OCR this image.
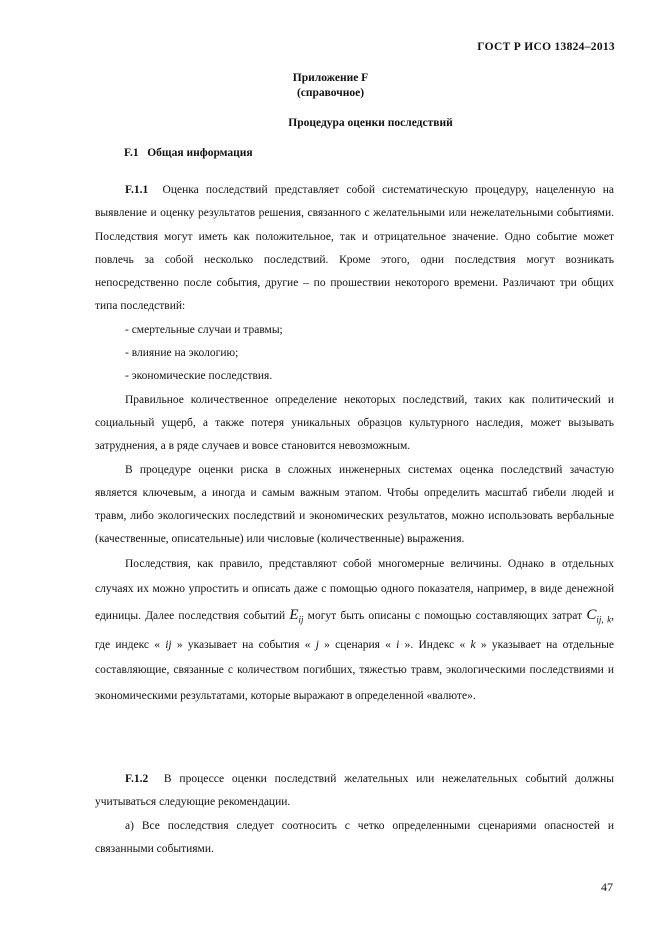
ГОСТ Р ИСО 13824–2013
Приложение F
(справочное)
Процедура оценки последствий
F.1 Общая информация

F.1.1 Оценка последствий представляет собой систематическую процедуру, нацеленную на выявление и оценку результатов решения, связанного с желательными или нежелательными событиями. Последствия могут иметь как положительное, так и отрицательное значение. Одно событие может повлечь за собой несколько последствий. Кроме этого, одни последствия могут возникать непосредственно после события, другие – по прошествии некоторого времени. Различают три общих типа последствий:

- смертельные случаи и травмы;

- влияние на экологию;

- экономические последствия.

Правильное количественное определение некоторых последствий, таких как политический и социальный ущерб, а также потеря уникальных образцов культурного наследия, может вызывать затруднения, а в ряде случаев и вовсе становится невозможным.

В процедуре оценки риска в сложных инженерных системах оценка последствий зачастую является ключевым, а иногда и самым важным этапом. Чтобы определить масштаб гибели людей и травм, либо экологических последствий и экономических результатов, можно использовать вербальные (качественные, описательные) или числовые (количественные) выражения.

Последствия, как правило, представляют собой многомерные величины. Однако в отдельных случаях их можно упростить и описать даже с помощью одного показателя, например, в виде денежной единицы. Далее последствия событий $E_{ij}$ могут быть описаны с помощью составляющих затрат $C_{ij, k}$, где индекс « ij » указывает на события « j » сценария « i ». Индекс « k » указывает на отдельные составляющие, связанные с количеством погибших, тяжестью травм, экологическими последствиями и экономическими результатами, которые выражают в определенной «валюте».

F.1.2 В процессе оценки последствий желательных или нежелательных событий должны учитываться следующие рекомендации.

а) Все последствия следует соотносить с четко определенными сценариями опасностей и связанными событиями.

47
